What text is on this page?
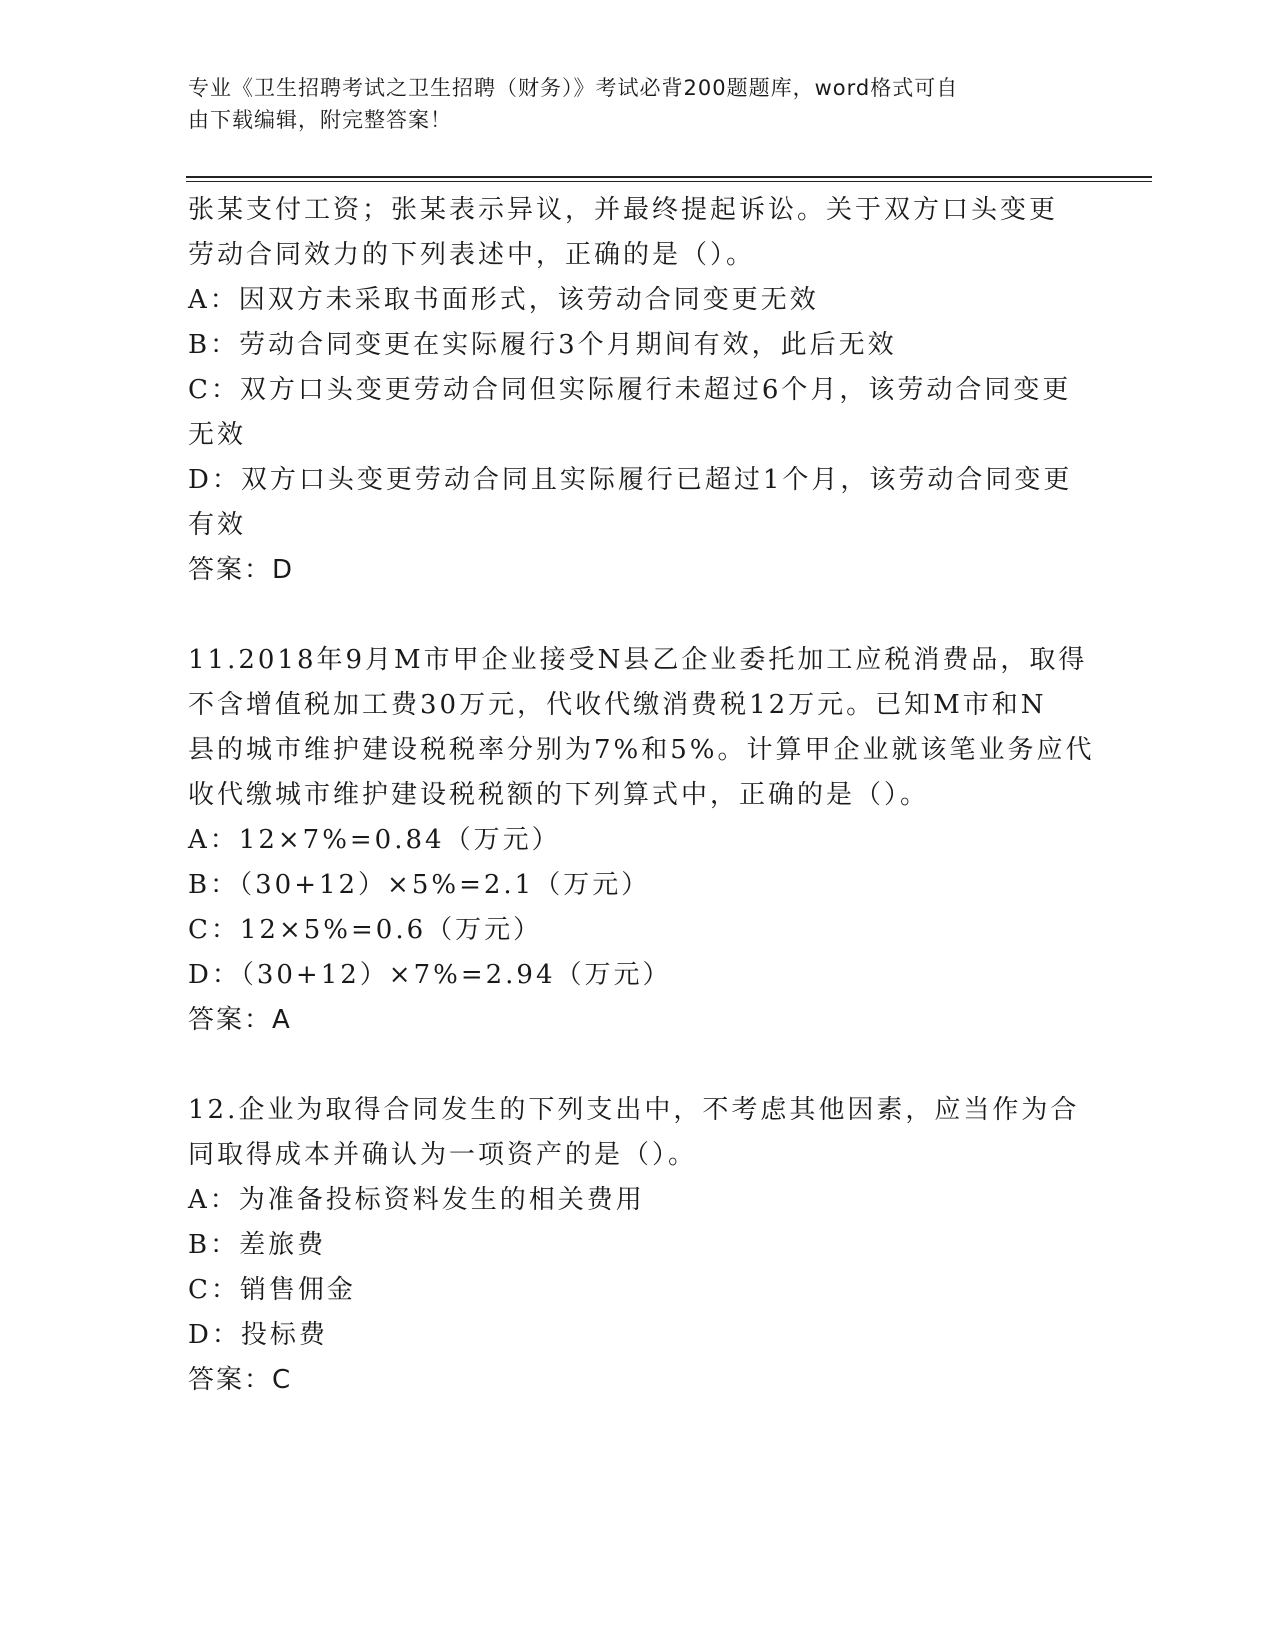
专业《卫生招聘考试之卫生招聘（财务）》考试必背200题题库，word格式可自
由下载编辑，附完整答案！
张某支付工资；张某表示异议，并最终提起诉讼。关于双方口头变更
劳动合同效力的下列表述中，正确的是（）。
A：因双方未采取书面形式，该劳动合同变更无效
B：劳动合同变更在实际履行3个月期间有效，此后无效
C：双方口头变更劳动合同但实际履行未超过6个月，该劳动合同变更
无效
D：双方口头变更劳动合同且实际履行已超过1个月，该劳动合同变更
有效
答案：D
11.2018年9月M市甲企业接受N县乙企业委托加工应税消费品，取得
不含增值税加工费30万元，代收代缴消费税12万元。已知M市和N
县的城市维护建设税税率分别为7%和5%。计算甲企业就该笔业务应代
收代缴城市维护建设税税额的下列算式中，正确的是（）。
A：12×7%=0.84（万元）
B：（30+12）×5%=2.1（万元）
C：12×5%=0.6（万元）
D：（30+12）×7%=2.94（万元）
答案：A
12.企业为取得合同发生的下列支出中，不考虑其他因素，应当作为合
同取得成本并确认为一项资产的是（）。
A：为准备投标资料发生的相关费用
B：差旅费
C：销售佣金
D：投标费
答案：C
